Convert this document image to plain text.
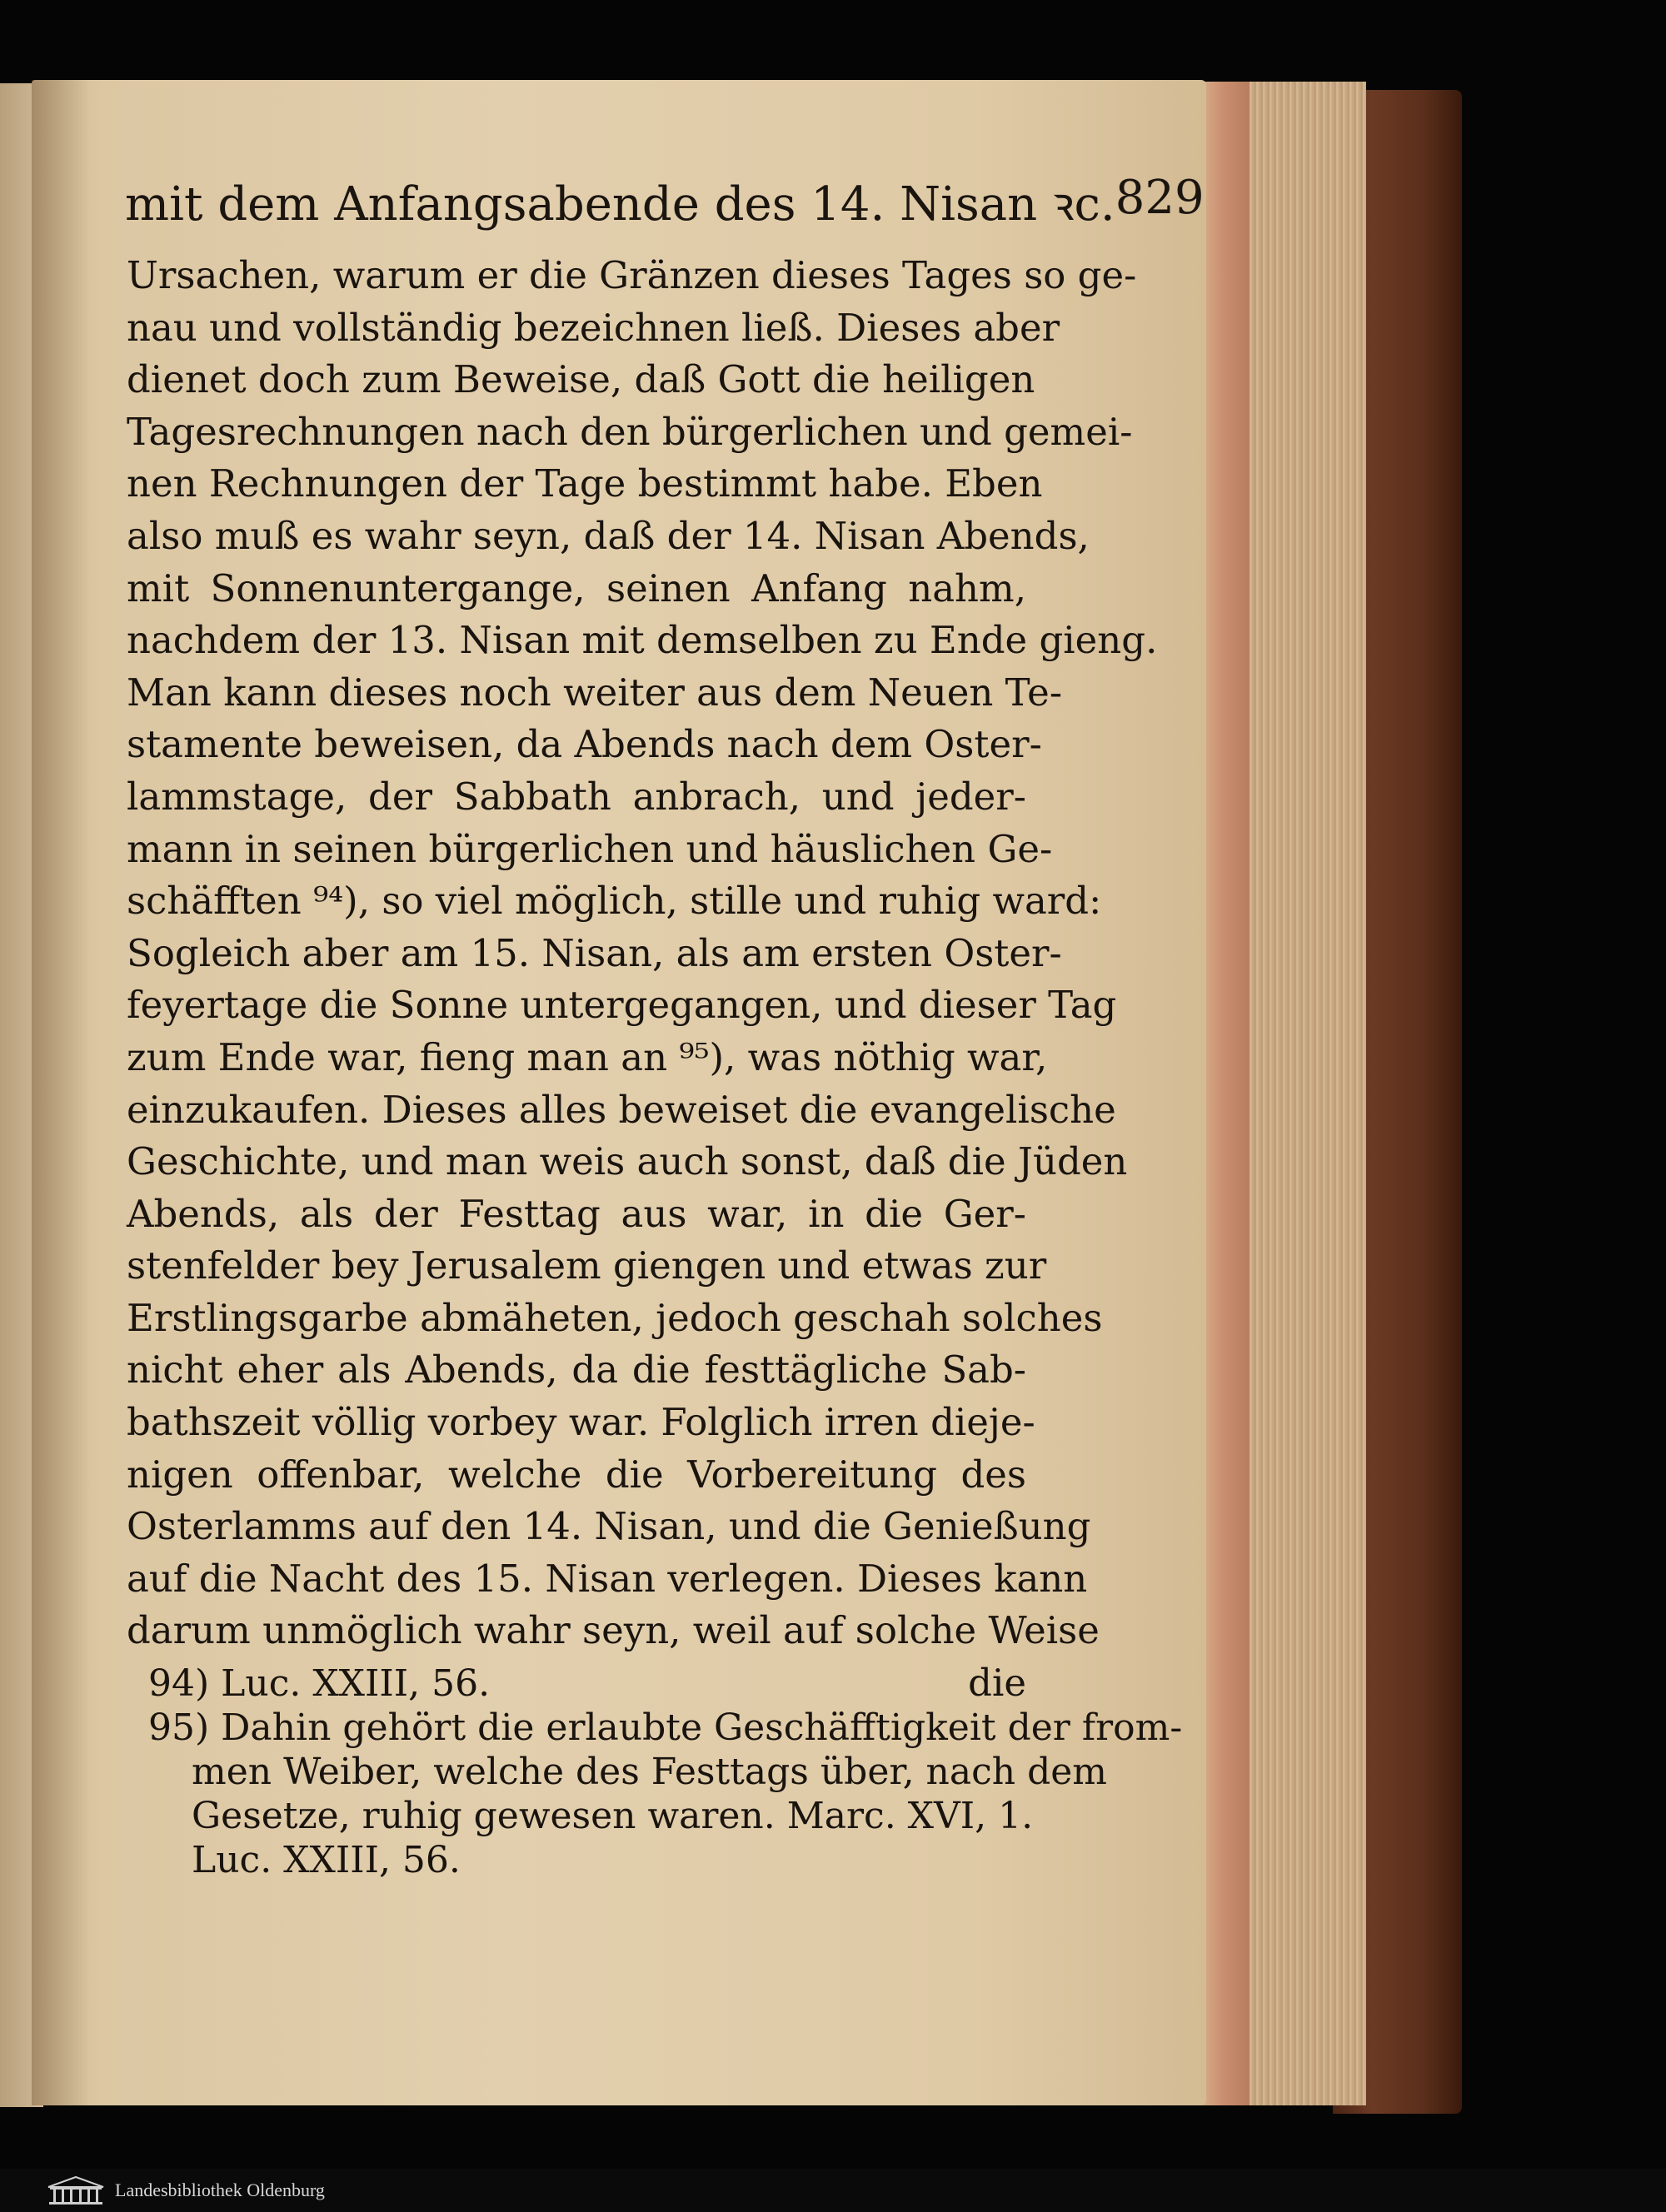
mit dem Anfangsabende des 14. Nisan ꝛc. 829
Ursachen, warum er die Gränzen dieses Tages so ge-
nau und vollständig bezeichnen ließ. Dieses aber
dienet doch zum Beweise, daß Gott die heiligen
Tagesrechnungen nach den bürgerlichen und gemei-
nen Rechnungen der Tage bestimmt habe. Eben
also muß es wahr seyn, daß der 14. Nisan Abends,
mit Sonnenuntergange, seinen Anfang nahm,
nachdem der 13. Nisan mit demselben zu Ende gieng.
Man kann dieses noch weiter aus dem Neuen Te-
stamente beweisen, da Abends nach dem Oster-
lammstage, der Sabbath anbrach, und jeder-
mann in seinen bürgerlichen und häuslichen Ge-
schäfften ⁹⁴), so viel möglich, stille und ruhig ward:
Sogleich aber am 15. Nisan, als am ersten Oster-
feyertage die Sonne untergegangen, und dieser Tag
zum Ende war, fieng man an ⁹⁵), was nöthig war,
einzukaufen. Dieses alles beweiset die evangelische
Geschichte, und man weis auch sonst, daß die Jüden
Abends, als der Festtag aus war, in die Ger-
stenfelder bey Jerusalem giengen und etwas zur
Erstlingsgarbe abmäheten, jedoch geschah solches
nicht eher als Abends, da die festtägliche Sab-
bathszeit völlig vorbey war. Folglich irren dieje-
nigen offenbar, welche die Vorbereitung des
Osterlamms auf den 14. Nisan, und die Genießung
auf die Nacht des 15. Nisan verlegen. Dieses kann
darum unmöglich wahr seyn, weil auf solche Weise
die
94) Luc. XXIII, 56.
95) Dahin gehört die erlaubte Geschäfftigkeit der from-
men Weiber, welche des Festtags über, nach dem
Gesetze, ruhig gewesen waren. Marc. XVI, 1.
Luc. XXIII, 56.
Landesbibliothek Oldenburg
